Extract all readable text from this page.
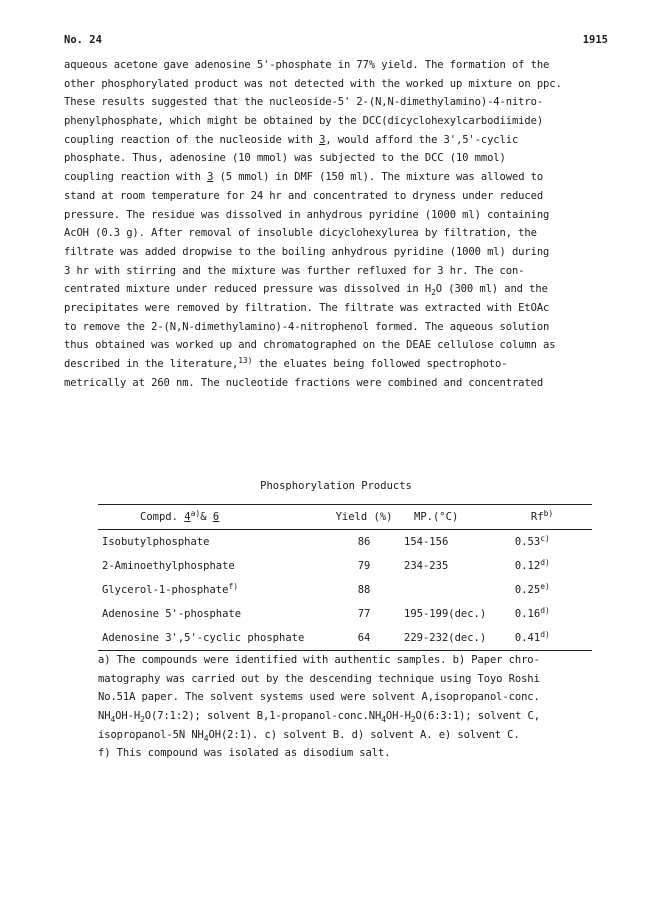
No. 24	1915
aqueous acetone gave adenosine 5'-phosphate in 77% yield. The formation of the
other phosphorylated product was not detected with the worked up mixture on ppc.
These results suggested that the nucleoside-5' 2-(N,N-dimethylamino)-4-nitro-
phenylphosphate, which might be obtained by the DCC(dicyclohexylcarbodiimide)
coupling reaction of the nucleoside with 3, would afford the 3',5'-cyclic
phosphate. Thus, adenosine (10 mmol) was subjected to the DCC (10 mmol)
coupling reaction with 3 (5 mmol) in DMF (150 ml). The mixture was allowed to
stand at room temperature for 24 hr and concentrated to dryness under reduced
pressure. The residue was dissolved in anhydrous pyridine (1000 ml) containing
AcOH (0.3 g). After removal of insoluble dicyclohexylurea by filtration, the
filtrate was added dropwise to the boiling anhydrous pyridine (1000 ml) during
3 hr with stirring and the mixture was further refluxed for 3 hr. The con-
centrated mixture under reduced pressure was dissolved in $H_2O$ (300 ml) and the
precipitates were removed by filtration. The filtrate was extracted with EtOAc
to remove the 2-(N,N-dimethylamino)-4-nitrophenol formed. The aqueous solution
thus obtained was worked up and chromatographed on the DEAE cellulose column as
described in the literature,$^{13)}$ the eluates being followed spectrophoto-
metrically at 260 nm. The nucleotide fractions were combined and concentrated
Phosphorylation Products
Compd. 4$^{a)}$& 6	Yield (%)	MP.(°C)	Rf$^{b)}$
Isobutylphosphate	86	154-156	0.53$^{c)}$
2-Aminoethylphosphate	79	234-235	0.12$^{d)}$
Glycerol-1-phosphate$^{f)}$	88		0.25$^{e)}$
Adenosine 5'-phosphate	77	195-199(dec.)	0.16$^{d)}$
Adenosine 3',5'-cyclic phosphate	64	229-232(dec.)	0.41$^{d)}$
a) The compounds were identified with authentic samples. b) Paper chro-
matography was carried out by the descending technique using Toyo Roshi
No.51A paper. The solvent systems used were solvent A,isopropanol-conc.
$NH_4OH-H_2O(7:1:2)$; solvent $B,1-propanol-conc.NH_4OH-H_2O(6:3:1)$; solvent C,
isopropanol-5N $NH_4OH(2:1)$. c) solvent B. d) solvent A. e) solvent C.
f) This compound was isolated as disodium salt.
